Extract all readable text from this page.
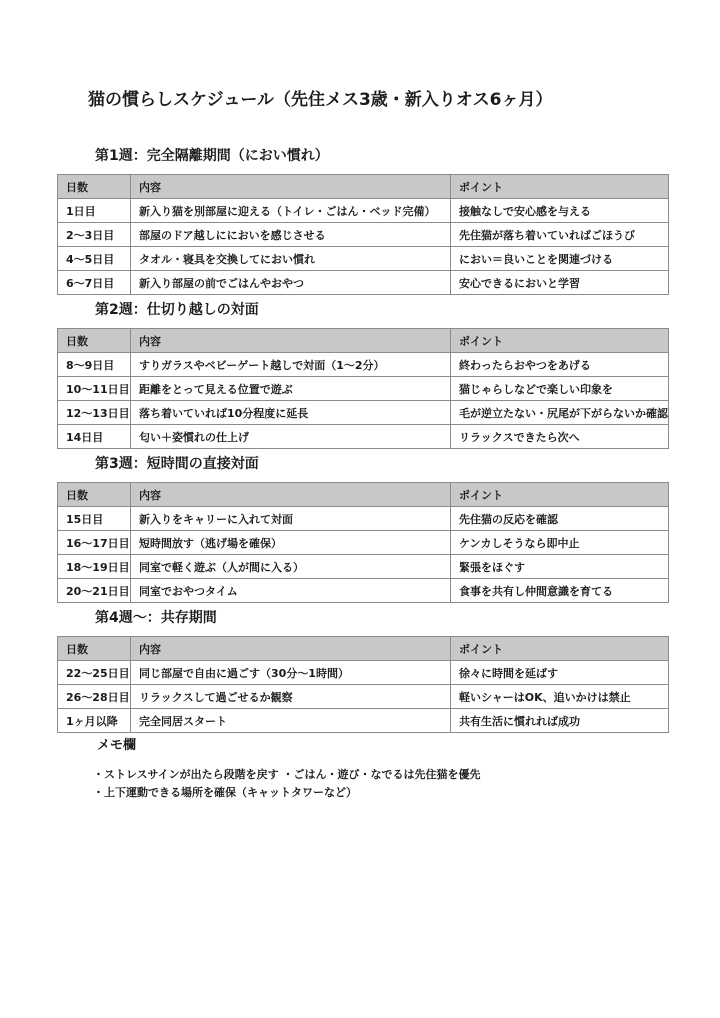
猫の慣らしスケジュール（先住メス3歳・新入りオス6ヶ月）
第1週：完全隔離期間（におい慣れ）
日数	内容	ポイント
1日目	新入り猫を別部屋に迎える（トイレ・ごはん・ベッド完備）	接触なしで安心感を与える
2〜3日目	部屋のドア越しににおいを感じさせる	先住猫が落ち着いていればごほうび
4〜5日目	タオル・寝具を交換してにおい慣れ	におい＝良いことを関連づける
6〜7日目	新入り部屋の前でごはんやおやつ	安心できるにおいと学習
第2週：仕切り越しの対面
日数	内容	ポイント
8〜9日目	すりガラスやベビーゲート越しで対面（1〜2分）	終わったらおやつをあげる
10〜11日目	距離をとって見える位置で遊ぶ	猫じゃらしなどで楽しい印象を
12〜13日目	落ち着いていれば10分程度に延長	毛が逆立たない・尻尾が下がらないか確認
14日目	匂い＋姿慣れの仕上げ	リラックスできたら次へ
第3週：短時間の直接対面
日数	内容	ポイント
15日目	新入りをキャリーに入れて対面	先住猫の反応を確認
16〜17日目	短時間放す（逃げ場を確保）	ケンカしそうなら即中止
18〜19日目	同室で軽く遊ぶ（人が間に入る）	緊張をほぐす
20〜21日目	同室でおやつタイム	食事を共有し仲間意識を育てる
第4週〜：共存期間
日数	内容	ポイント
22〜25日目	同じ部屋で自由に過ごす（30分〜1時間）	徐々に時間を延ばす
26〜28日目	リラックスして過ごせるか観察	軽いシャーはOK、追いかけは禁止
1ヶ月以降	完全同居スタート	共有生活に慣れれば成功
メモ欄
・ストレスサインが出たら段階を戻す ・ごはん・遊び・なでるは先住猫を優先
・上下運動できる場所を確保（キャットタワーなど）
